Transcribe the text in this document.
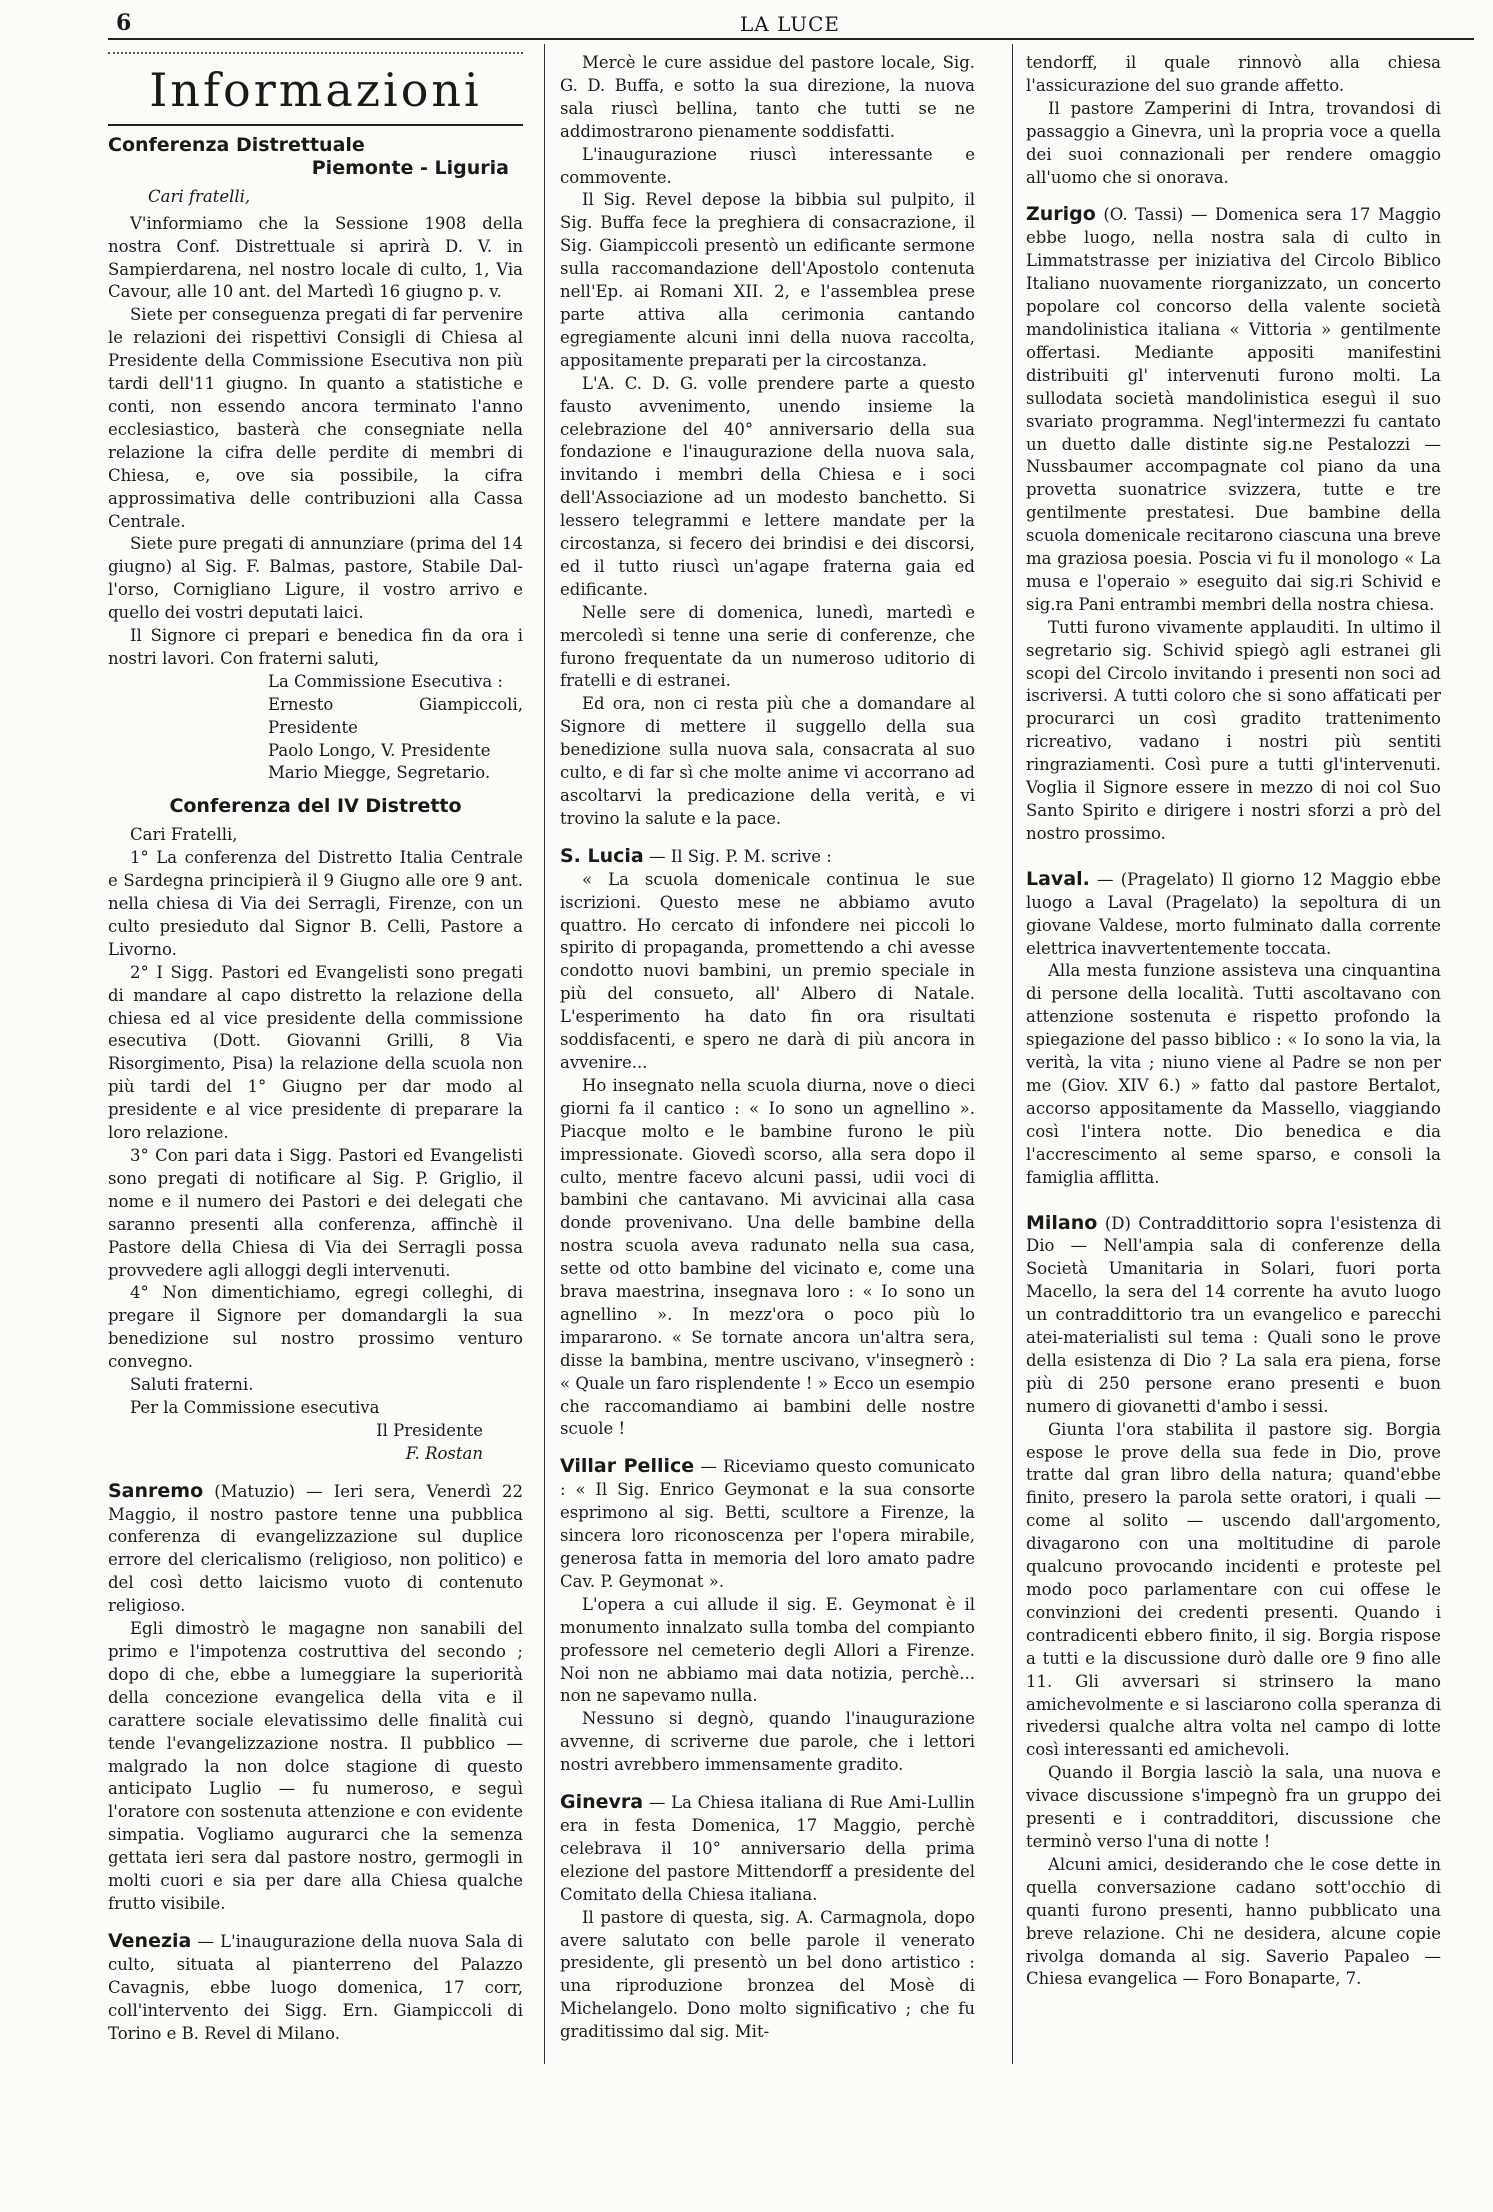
6	LA LUCE
Informazioni
Conferenza Distrettuale
Piemonte - Liguria
Cari fratelli,

V'informiamo che la Sessione 1908 della nostra Conf. Distrettuale si aprirà D. V. in Sampierdarena, nel nostro locale di culto, 1, Via Cavour, alle 10 ant. del Martedì 16 giugno p. v.

Siete per conseguenza pregati di far pervenire le relazioni dei rispettivi Consigli di Chiesa al Presidente della Commissione Esecutiva non più tardi dell'11 giugno. In quanto a statistiche e conti, non essendo ancora terminato l'anno ecclesiastico, basterà che consegniate nella relazione la cifra delle perdite di membri di Chiesa, e, ove sia possibile, la cifra approssimativa delle contribuzioni alla Cassa Centrale.

Siete pure pregati di annunziare (prima del 14 giugno) al Sig. F. Balmas, pastore, Stabile Dal-l'orso, Cornigliano Ligure, il vostro arrivo e quello dei vostri deputati laici.

Il Signore ci prepari e benedica fin da ora i nostri lavori. Con fraterni saluti,

La Commissione Esecutiva :

Ernesto Giampiccoli, Presidente

Paolo Longo, V. Presidente

Mario Miegge, Segretario.

Conferenza del IV Distretto

Cari Fratelli,

1° La conferenza del Distretto Italia Centrale e Sardegna principierà il 9 Giugno alle ore 9 ant. nella chiesa di Via dei Serragli, Firenze, con un culto presieduto dal Signor B. Celli, Pastore a Livorno.

2° I Sigg. Pastori ed Evangelisti sono pregati di mandare al capo distretto la relazione della chiesa ed al vice presidente della commissione esecutiva (Dott. Giovanni Grilli, 8 Via Risorgimento, Pisa) la relazione della scuola non più tardi del 1° Giugno per dar modo al presidente e al vice presidente di preparare la loro relazione.

3° Con pari data i Sigg. Pastori ed Evangelisti sono pregati di notificare al Sig. P. Griglio, il nome e il numero dei Pastori e dei delegati che saranno presenti alla conferenza, affinchè il Pastore della Chiesa di Via dei Serragli possa provvedere agli alloggi degli intervenuti.

4° Non dimentichiamo, egregi colleghi, di pregare il Signore per domandargli la sua benedizione sul nostro prossimo venturo convegno.

Saluti fraterni.

Per la Commissione esecutiva

Il Presidente

F. Rostan

Sanremo (Matuzio) — Ieri sera, Venerdì 22 Maggio, il nostro pastore tenne una pubblica conferenza di evangelizzazione sul duplice errore del clericalismo (religioso, non politico) e del così detto laicismo vuoto di contenuto religioso.

Egli dimostrò le magagne non sanabili del primo e l'impotenza costruttiva del secondo ; dopo di che, ebbe a lumeggiare la superiorità della concezione evangelica della vita e il carattere sociale elevatissimo delle finalità cui tende l'evangelizzazione nostra. Il pubblico — malgrado la non dolce stagione di questo anticipato Luglio — fu numeroso, e seguì l'oratore con sostenuta attenzione e con evidente simpatia. Vogliamo augurarci che la semenza gettata ieri sera dal pastore nostro, germogli in molti cuori e sia per dare alla Chiesa qualche frutto visibile.

Venezia — L'inaugurazione della nuova Sala di culto, situata al pianterreno del Palazzo Cavagnis, ebbe luogo domenica, 17 corr, coll'intervento dei Sigg. Ern. Giampiccoli di Torino e B. Revel di Milano.

Mercè le cure assidue del pastore locale, Sig. G. D. Buffa, e sotto la sua direzione, la nuova sala riuscì bellina, tanto che tutti se ne addimostrarono pienamente soddisfatti.

L'inaugurazione riuscì interessante e commovente.

Il Sig. Revel depose la bibbia sul pulpito, il Sig. Buffa fece la preghiera di consacrazione, il Sig. Giampiccoli presentò un edificante sermone sulla raccomandazione dell'Apostolo contenuta nell'Ep. ai Romani XII. 2, e l'assemblea prese parte attiva alla cerimonia cantando egregiamente alcuni inni della nuova raccolta, appositamente preparati per la circostanza.

L'A. C. D. G. volle prendere parte a questo fausto avvenimento, unendo insieme la celebrazione del 40° anniversario della sua fondazione e l'inaugurazione della nuova sala, invitando i membri della Chiesa e i soci dell'Associazione ad un modesto banchetto. Si lessero telegrammi e lettere mandate per la circostanza, si fecero dei brindisi e dei discorsi, ed il tutto riuscì un'agape fraterna gaia ed edificante.

Nelle sere di domenica, lunedì, martedì e mercoledì si tenne una serie di conferenze, che furono frequentate da un numeroso uditorio di fratelli e di estranei.

Ed ora, non ci resta più che a domandare al Signore di mettere il suggello della sua benedizione sulla nuova sala, consacrata al suo culto, e di far sì che molte anime vi accorrano ad ascoltarvi la predicazione della verità, e vi trovino la salute e la pace.

S. Lucia — Il Sig. P. M. scrive :

« La scuola domenicale continua le sue iscrizioni. Questo mese ne abbiamo avuto quattro. Ho cercato di infondere nei piccoli lo spirito di propaganda, promettendo a chi avesse condotto nuovi bambini, un premio speciale in più del consueto, all' Albero di Natale. L'esperimento ha dato fin ora risultati soddisfacenti, e spero ne darà di più ancora in avvenire...

Ho insegnato nella scuola diurna, nove o dieci giorni fa il cantico : « Io sono un agnellino ». Piacque molto e le bambine furono le più impressionate. Giovedì scorso, alla sera dopo il culto, mentre facevo alcuni passi, udii voci di bambini che cantavano. Mi avvicinai alla casa donde provenivano. Una delle bambine della nostra scuola aveva radunato nella sua casa, sette od otto bambine del vicinato e, come una brava maestrina, insegnava loro : « Io sono un agnellino ». In mezz'ora o poco più lo impararono. « Se tornate ancora un'altra sera, disse la bambina, mentre uscivano, v'insegnerò : « Quale un faro risplendente ! » Ecco un esempio che raccomandiamo ai bambini delle nostre scuole !

Villar Pellice — Riceviamo questo comunicato : « Il Sig. Enrico Geymonat e la sua consorte esprimono al sig. Betti, scultore a Firenze, la sincera loro riconoscenza per l'opera mirabile, generosa fatta in memoria del loro amato padre Cav. P. Geymonat ».

L'opera a cui allude il sig. E. Geymonat è il monumento innalzato sulla tomba del compianto professore nel cemeterio degli Allori a Firenze. Noi non ne abbiamo mai data notizia, perchè... non ne sapevamo nulla.

Nessuno si degnò, quando l'inaugurazione avvenne, di scriverne due parole, che i lettori nostri avrebbero immensamente gradito.

Ginevra — La Chiesa italiana di Rue Ami-Lullin era in festa Domenica, 17 Maggio, perchè celebrava il 10° anniversario della prima elezione del pastore Mittendorff a presidente del Comitato della Chiesa italiana.

Il pastore di questa, sig. A. Carmagnola, dopo avere salutato con belle parole il venerato presidente, gli presentò un bel dono artistico : una riproduzione bronzea del Mosè di Michelangelo. Dono molto significativo ; che fu graditissimo dal sig. Mit-

tendorff, il quale rinnovò alla chiesa l'assicurazione del suo grande affetto.

Il pastore Zamperini di Intra, trovandosi di passaggio a Ginevra, unì la propria voce a quella dei suoi connazionali per rendere omaggio all'uomo che si onorava.

Zurigo (O. Tassi) — Domenica sera 17 Maggio ebbe luogo, nella nostra sala di culto in Limmatstrasse per iniziativa del Circolo Biblico Italiano nuovamente riorganizzato, un concerto popolare col concorso della valente società mandolinistica italiana « Vittoria » gentilmente offertasi. Mediante appositi manifestini distribuiti gl' intervenuti furono molti. La sullodata società mandolinistica eseguì il suo svariato programma. Negl'intermezzi fu cantato un duetto dalle distinte sig.ne Pestalozzi — Nussbaumer accompagnate col piano da una provetta suonatrice svizzera, tutte e tre gentilmente prestatesi. Due bambine della scuola domenicale recitarono ciascuna una breve ma graziosa poesia. Poscia vi fu il monologo « La musa e l'operaio » eseguito dai sig.ri Schivid e sig.ra Pani entrambi membri della nostra chiesa.

Tutti furono vivamente applauditi. In ultimo il segretario sig. Schivid spiegò agli estranei gli scopi del Circolo invitando i presenti non soci ad iscriversi. A tutti coloro che si sono affaticati per procurarci un così gradito trattenimento ricreativo, vadano i nostri più sentiti ringraziamenti. Così pure a tutti gl'intervenuti. Voglia il Signore essere in mezzo di noi col Suo Santo Spirito e dirigere i nostri sforzi a prò del nostro prossimo.

Laval. — (Pragelato) Il giorno 12 Maggio ebbe luogo a Laval (Pragelato) la sepoltura di un giovane Valdese, morto fulminato dalla corrente elettrica inavvertentemente toccata.

Alla mesta funzione assisteva una cinquantina di persone della località. Tutti ascoltavano con attenzione sostenuta e rispetto profondo la spiegazione del passo biblico : « Io sono la via, la verità, la vita ; niuno viene al Padre se non per me (Giov. XIV 6.) » fatto dal pastore Bertalot, accorso appositamente da Massello, viaggiando così l'intera notte. Dio benedica e dia l'accrescimento al seme sparso, e consoli la famiglia afflitta.

Milano (D) Contraddittorio sopra l'esistenza di Dio — Nell'ampia sala di conferenze della Società Umanitaria in Solari, fuori porta Macello, la sera del 14 corrente ha avuto luogo un contraddittorio tra un evangelico e parecchi atei-materialisti sul tema : Quali sono le prove della esistenza di Dio ? La sala era piena, forse più di 250 persone erano presenti e buon numero di giovanetti d'ambo i sessi.

Giunta l'ora stabilita il pastore sig. Borgia espose le prove della sua fede in Dio, prove tratte dal gran libro della natura; quand'ebbe finito, presero la parola sette oratori, i quali — come al solito — uscendo dall'argomento, divagarono con una moltitudine di parole qualcuno provocando incidenti e proteste pel modo poco parlamentare con cui offese le convinzioni dei credenti presenti. Quando i contradicenti ebbero finito, il sig. Borgia rispose a tutti e la discussione durò dalle ore 9 fino alle 11. Gli avversari si strinsero la mano amichevolmente e si lasciarono colla speranza di rivedersi qualche altra volta nel campo di lotte così interessanti ed amichevoli.

Quando il Borgia lasciò la sala, una nuova e vivace discussione s'impegnò fra un gruppo dei presenti e i contradditori, discussione che terminò verso l'una di notte !

Alcuni amici, desiderando che le cose dette in quella conversazione cadano sott'occhio di quanti furono presenti, hanno pubblicato una breve relazione. Chi ne desidera, alcune copie rivolga domanda al sig. Saverio Papaleo — Chiesa evangelica — Foro Bonaparte, 7.
